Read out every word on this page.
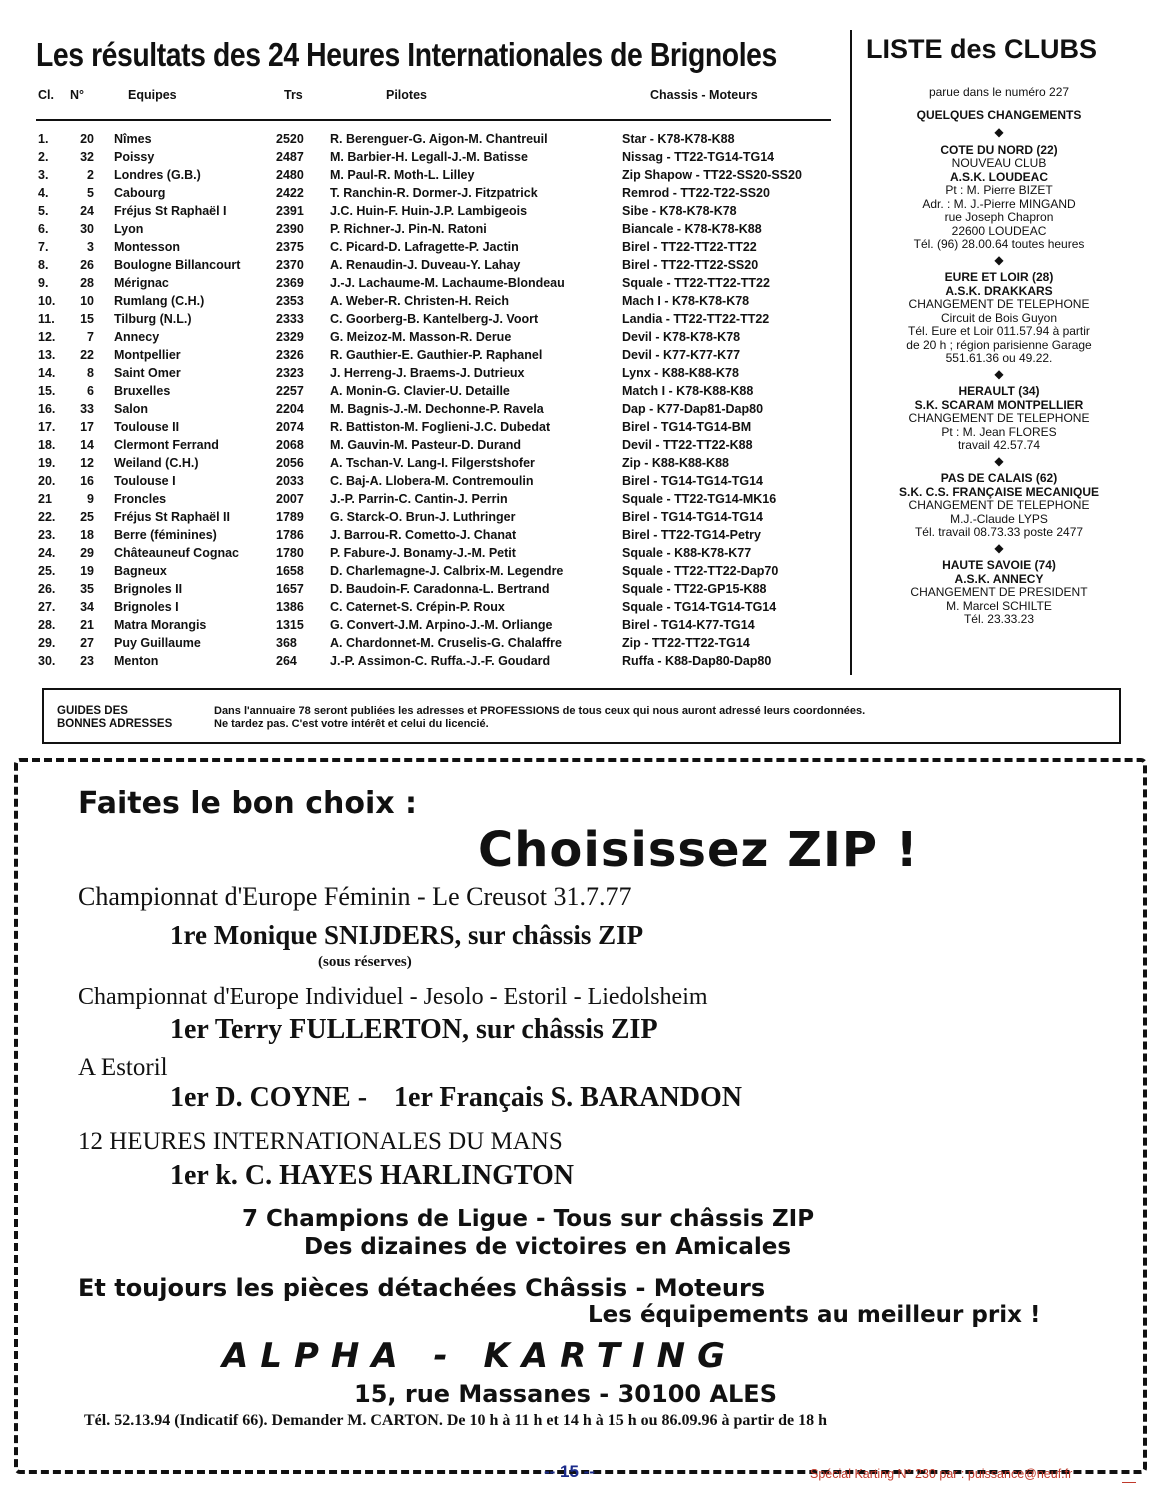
Les résultats des 24 Heures Internationales de Brignoles
Cl. N°	Equipes	Trs	Pilotes	Chassis - Moteurs
1.	20 Nîmes	2520 R. Berenguer-G. Aigon-M. Chantreuil	Star - K78-K78-K88
2.	32 Poissy	2487 M. Barbier-H. Legall-J.-M. Batisse	Nissag - TT22-TG14-TG14
3.	2 Londres (G.B.)	2480 M. Paul-R. Moth-L. Lilley	Zip Shapow - TT22-SS20-SS20
4.	5 Cabourg	2422 T. Ranchin-R. Dormer-J. Fitzpatrick	Remrod - TT22-T22-SS20
5.	24 Fréjus St Raphaël I	2391 J.C. Huin-F. Huin-J.P. Lambigeois	Sibe - K78-K78-K78
6.	30 Lyon	2390 P. Richner-J. Pin-N. Ratoni	Biancale - K78-K78-K88
7.	3 Montesson	2375 C. Picard-D. Lafragette-P. Jactin	Birel - TT22-TT22-TT22
8.	26 Boulogne Billancourt	2370 A. Renaudin-J. Duveau-Y. Lahay	Birel - TT22-TT22-SS20
9.	28 Mérignac	2369 J.-J. Lachaume-M. Lachaume-Blondeau	Squale - TT22-TT22-TT22
10. 10 Rumlang (C.H.)	2353 A. Weber-R. Christen-H. Reich	Mach I - K78-K78-K78
11. 15 Tilburg (N.L.)	2333 C. Goorberg-B. Kantelberg-J. Voort	Landia - TT22-TT22-TT22
12.	7 Annecy	2329 G. Meizoz-M. Masson-R. Derue	Devil - K78-K78-K78
13. 22 Montpellier	2326 R. Gauthier-E. Gauthier-P. Raphanel	Devil - K77-K77-K77
14.	8 Saint Omer	2323 J. Herreng-J. Braems-J. Dutrieux	Lynx - K88-K88-K78
15.	6 Bruxelles	2257 A. Monin-G. Clavier-U. Detaille	Match I - K78-K88-K88
16. 33 Salon	2204 M. Bagnis-J.-M. Dechonne-P. Ravela	Dap - K77-Dap81-Dap80
17. 17 Toulouse II	2074 R. Battiston-M. Foglieni-J.C. Dubedat	Birel - TG14-TG14-BM
18. 14 Clermont Ferrand	2068 M. Gauvin-M. Pasteur-D. Durand	Devil - TT22-TT22-K88
19. 12 Weiland (C.H.)	2056 A. Tschan-V. Lang-I. Filgerstshofer	Zip - K88-K88-K88
20. 16 Toulouse I	2033 C. Baj-A. Llobera-M. Contremoulin	Birel - TG14-TG14-TG14
21	9 Froncles	2007 J.-P. Parrin-C. Cantin-J. Perrin	Squale - TT22-TG14-MK16
22. 25 Fréjus St Raphaël II	1789 G. Starck-O. Brun-J. Luthringer	Birel - TG14-TG14-TG14
23. 18 Berre (féminines)	1786 J. Barrou-R. Cometto-J. Chanat	Birel - TT22-TG14-Petry
24. 29 Châteauneuf Cognac	1780 P. Fabure-J. Bonamy-J.-M. Petit	Squale - K88-K78-K77
25. 19 Bagneux	1658 D. Charlemagne-J. Calbrix-M. Legendre	Squale - TT22-TT22-Dap70
26. 35 Brignoles II	1657 D. Baudoin-F. Caradonna-L. Bertrand	Squale - TT22-GP15-K88
27. 34 Brignoles I	1386 C. Caternet-S. Crépin-P. Roux	Squale - TG14-TG14-TG14
28. 21 Matra Morangis	1315 G. Convert-J.M. Arpino-J.-M. Orliange	Birel - TG14-K77-TG14
29. 27 Puy Guillaume	368	A. Chardonnet-M. Cruselis-G. Chalaffre	Zip - TT22-TT22-TG14
30. 23 Menton	264	J.-P. Assimon-C. Ruffa.-J.-F. Goudard	Ruffa - K88-Dap80-Dap80
LISTE des CLUBS
parue dans le numéro 227
QUELQUES CHANGEMENTS
◆
COTE DU NORD (22)
NOUVEAU CLUB
A.S.K. LOUDEAC
Pt : M. Pierre BIZET
Adr. : M. J.-Pierre MINGAND
rue Joseph Chapron
22600 LOUDEAC
Tél. (96) 28.00.64 toutes heures
◆
EURE ET LOIR (28)
A.S.K. DRAKKARS
CHANGEMENT DE TELEPHONE
Circuit de Bois Guyon
Tél. Eure et Loir 011.57.94 à partir
de 20 h ; région parisienne Garage
551.61.36 ou 49.22.
◆
HERAULT (34)
S.K. SCARAM MONTPELLIER
CHANGEMENT DE TELEPHONE
Pt : M. Jean FLORES
travail 42.57.74
◆
PAS DE CALAIS (62)
S.K. C.S. FRANÇAISE MECANIQUE
CHANGEMENT DE TELEPHONE
M.J.-Claude LYPS
Tél. travail 08.73.33 poste 2477
◆
HAUTE SAVOIE (74)
A.S.K. ANNECY
CHANGEMENT DE PRESIDENT
M. Marcel SCHILTE
Tél. 23.33.23
GUIDES DES
BONNES ADRESSES
Dans l'annuaire 78 seront publiées les adresses et PROFESSIONS de tous ceux qui nous auront adressé leurs coordonnées.
Ne tardez pas. C'est votre intérêt et celui du licencié.
Faites le bon choix :
Choisissez ZIP !
Championnat d'Europe Féminin - Le Creusot 31.7.77
1re Monique SNIJDERS, sur châssis ZIP
(sous réserves)
Championnat d'Europe Individuel - Jesolo - Estoril - Liedolsheim
1er Terry FULLERTON, sur châssis ZIP
A Estoril
1er D. COYNE - 1er Français S. BARANDON
12 HEURES INTERNATIONALES DU MANS
1er k. C. HAYES HARLINGTON
7 Champions de Ligue - Tous sur châssis ZIP
Des dizaines de victoires en Amicales
Et toujours les pièces détachées Châssis - Moteurs
Les équipements au meilleur prix !
ALPHA - KARTING
15, rue Massanes - 30100 ALES
Tél. 52.13.94 (Indicatif 66). Demander M. CARTON. De 10 h à 11 h et 14 h à 15 h ou 86.09.96 à partir de 18 h
-- 15 --	Spécial Karting N° 230 par : puissance@neuf.fr
